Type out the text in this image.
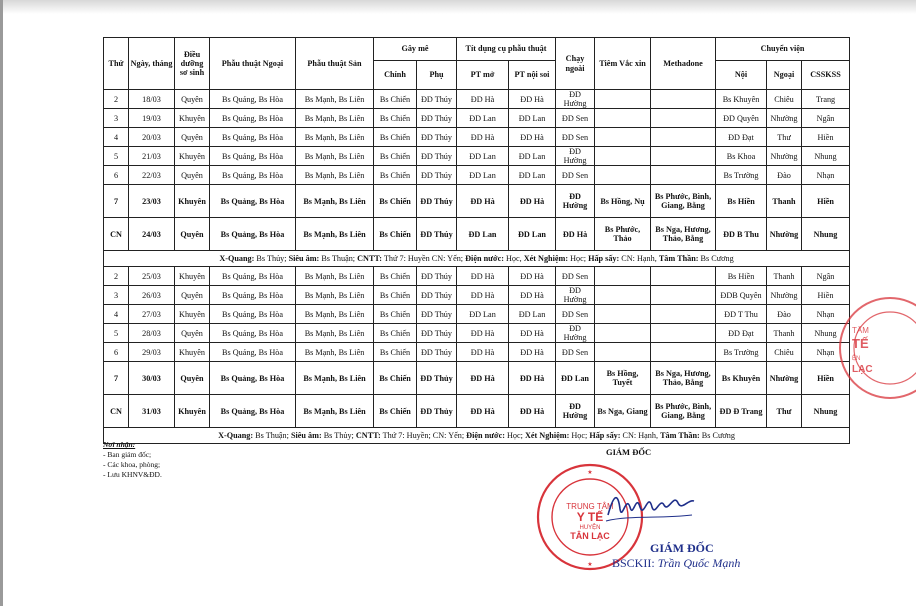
Thứ	Ngày, tháng	Điều dưỡng sơ sinh	Phẫu thuật Ngoại	Phẫu thuật Sản	Gây mê		Tít dụng cụ phẫu thuật		Chạy ngoài	Tiêm Vắc xin	Methadone	Chuyển viện		
					Chính	Phụ	PT mở	PT nội soi				Nội	Ngoại	CSSKSS
2	18/03	Quyên	Bs Quảng, Bs Hòa	Bs Mạnh, Bs Liên	Bs Chiến	ĐD Thúy	ĐD Hà	ĐD Hà	ĐD Hường			Bs Khuyên	Chiêu	Trang
3	19/03	Khuyên	Bs Quảng, Bs Hòa	Bs Mạnh, Bs Liên	Bs Chiến	ĐD Thúy	ĐD Lan	ĐD Lan	ĐD Sen			ĐD Quyên	Nhường	Ngân
4	20/03	Quyên	Bs Quảng, Bs Hòa	Bs Mạnh, Bs Liên	Bs Chiến	ĐD Thúy	ĐD Hà	ĐD Hà	ĐD Sen			ĐD Đạt	Thư	Hiền
5	21/03	Khuyên	Bs Quảng, Bs Hòa	Bs Mạnh, Bs Liên	Bs Chiến	ĐD Thúy	ĐD Lan	ĐD Lan	ĐD Hường			Bs Khoa	Nhường	Nhung
6	22/03	Quyên	Bs Quảng, Bs Hòa	Bs Mạnh, Bs Liên	Bs Chiến	ĐD Thúy	ĐD Lan	ĐD Lan	ĐD Sen			Bs Trường	Đào	Nhạn
7	23/03	Khuyên	Bs Quảng, Bs Hòa	Bs Mạnh, Bs Liên	Bs Chiến	ĐD Thúy	ĐD Hà	ĐD Hà	ĐD Hường	Bs Hồng, Nụ	Bs Phước, Bình, Giang, Bằng	Bs Hiền	Thanh	Hiền
CN	24/03	Quyên	Bs Quảng, Bs Hòa	Bs Mạnh, Bs Liên	Bs Chiến	ĐD Thúy	ĐD Lan	ĐD Lan	ĐD Hà	Bs Phước, Thảo	Bs Nga, Hương, Thảo, Bằng	ĐD B Thu	Nhường	Nhung
X-Quang: Bs Thủy; Siêu âm: Bs Thuận; CNTT: Thứ 7: Huyền CN: Yến; Điện nước: Học, Xét Nghiệm: Học; Hấp sấy: CN: Hạnh, Tâm Thần: Bs Cương														
2	25/03	Khuyên	Bs Quảng, Bs Hòa	Bs Mạnh, Bs Liên	Bs Chiến	ĐD Thúy	ĐD Hà	ĐD Hà	ĐD Sen			Bs Hiền	Thanh	Ngân
3	26/03	Quyên	Bs Quảng, Bs Hòa	Bs Mạnh, Bs Liên	Bs Chiến	ĐD Thúy	ĐD Hà	ĐD Hà	ĐD Hường			ĐDB Quyên	Nhường	Hiền
4	27/03	Khuyên	Bs Quảng, Bs Hòa	Bs Mạnh, Bs Liên	Bs Chiến	ĐD Thủy	ĐD Lan	ĐD Lan	ĐD Sen			ĐD T Thu	Đào	Nhạn
5	28/03	Quyên	Bs Quảng, Bs Hòa	Bs Mạnh, Bs Liên	Bs Chiến	ĐD Thúy	ĐD Hà	ĐD Hà	ĐD Hường			ĐD Đạt	Thanh	Nhung
6	29/03	Khuyên	Bs Quảng, Bs Hòa	Bs Mạnh, Bs Liên	Bs Chiến	ĐD Thúy	ĐD Hà	ĐD Hà	ĐD Sen			Bs Trường	Chiêu	Nhạn
7	30/03	Quyên	Bs Quảng, Bs Hòa	Bs Mạnh, Bs Liên	Bs Chiến	ĐD Thủy	ĐD Hà	ĐD Hà	ĐD Lan	Bs Hồng, Tuyết	Bs Nga, Hương, Thảo, Bằng	Bs Khuyên	Nhường	Hiền
CN	31/03	Khuyên	Bs Quảng, Bs Hòa	Bs Mạnh, Bs Liên	Bs Chiến	ĐD Thủy	ĐD Hà	ĐD Hà	ĐD Hường	Bs Nga, Giang	Bs Phước, Bình, Giang, Bằng	ĐD Đ Trang	Thư	Nhung
X-Quang: Bs Thuận; Siêu âm: Bs Thủy; CNTT: Thứ 7: Huyền; CN: Yến; Điện nước: Học; Xét Nghiệm: Học; Hấp sấy: CN: Hạnh, Tâm Thần: Bs Cương														
Nơi nhận:
- Ban giám đốc;
- Các khoa, phòng;
- Lưu KHNV&ĐD.
GIÁM ĐỐC
TRUNG TÂM
Y TẾ
HUYỆN
TÂN LẠC
★
★
GIÁM ĐỐC
BSCKII: Trần Quốc Mạnh
TÂM
TẾ
ỆN
LẠC
